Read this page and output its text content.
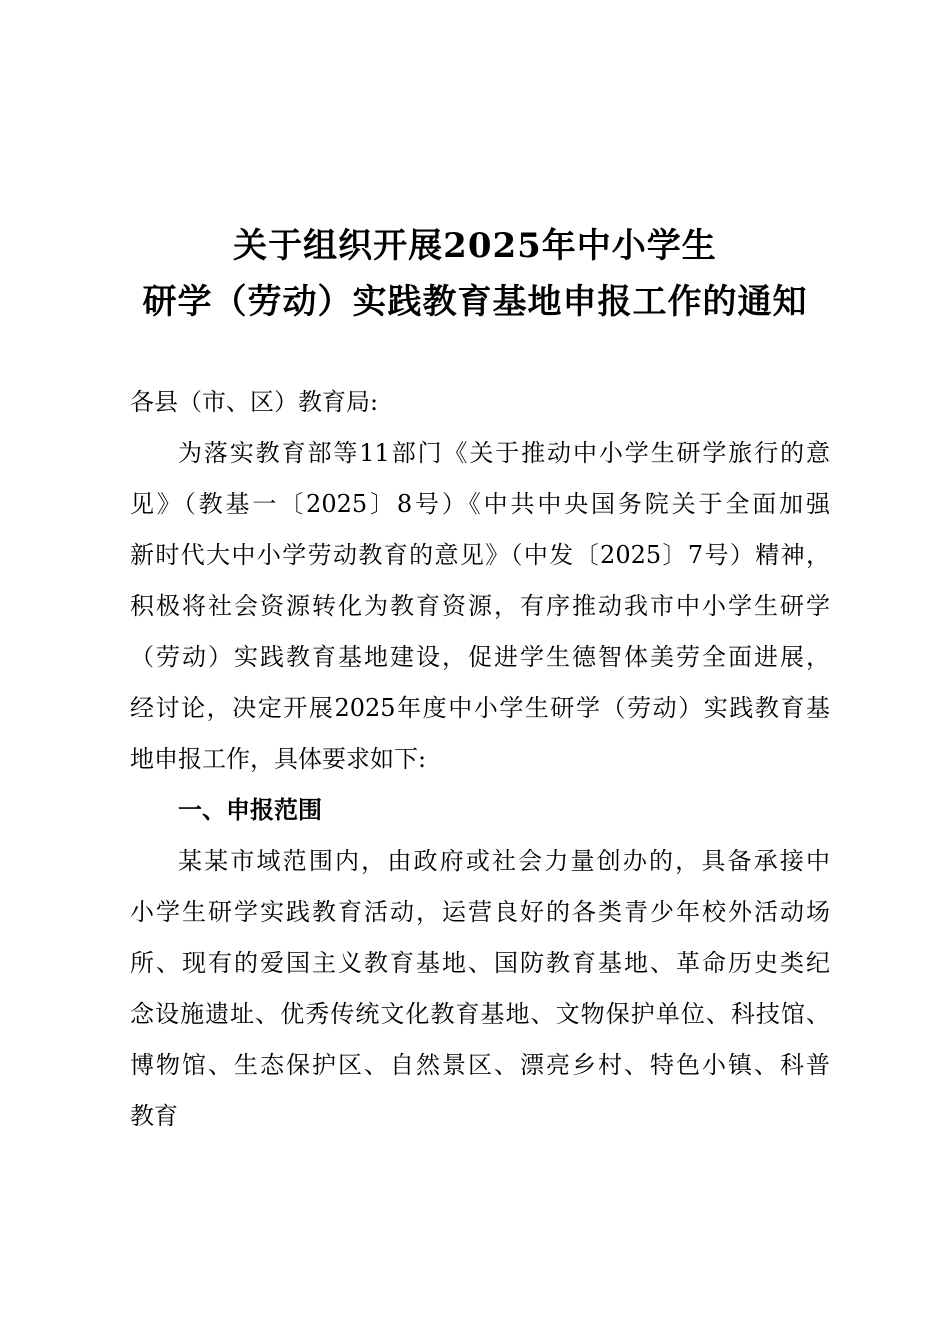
关于组织开展2025年中小学生
研学（劳动）实践教育基地申报工作的通知
各县（市、区）教育局:
为落实教育部等11部门《关于推动中小学生研学旅行的意
见》（教基一〔2025〕8号）《中共中央国务院关于全面加强
新时代大中小学劳动教育的意见》（中发〔2025〕7号）精神，
积极将社会资源转化为教育资源，有序推动我市中小学生研学
（劳动）实践教育基地建设，促进学生德智体美劳全面进展，
经讨论，决定开展2025年度中小学生研学（劳动）实践教育基
地申报工作，具体要求如下:
一、申报范围
某某市域范围内，由政府或社会力量创办的，具备承接中
小学生研学实践教育活动，运营良好的各类青少年校外活动场
所、现有的爱国主义教育基地、国防教育基地、革命历史类纪
念设施遗址、优秀传统文化教育基地、文物保护单位、科技馆、
博物馆、生态保护区、自然景区、漂亮乡村、特色小镇、科普
教育
